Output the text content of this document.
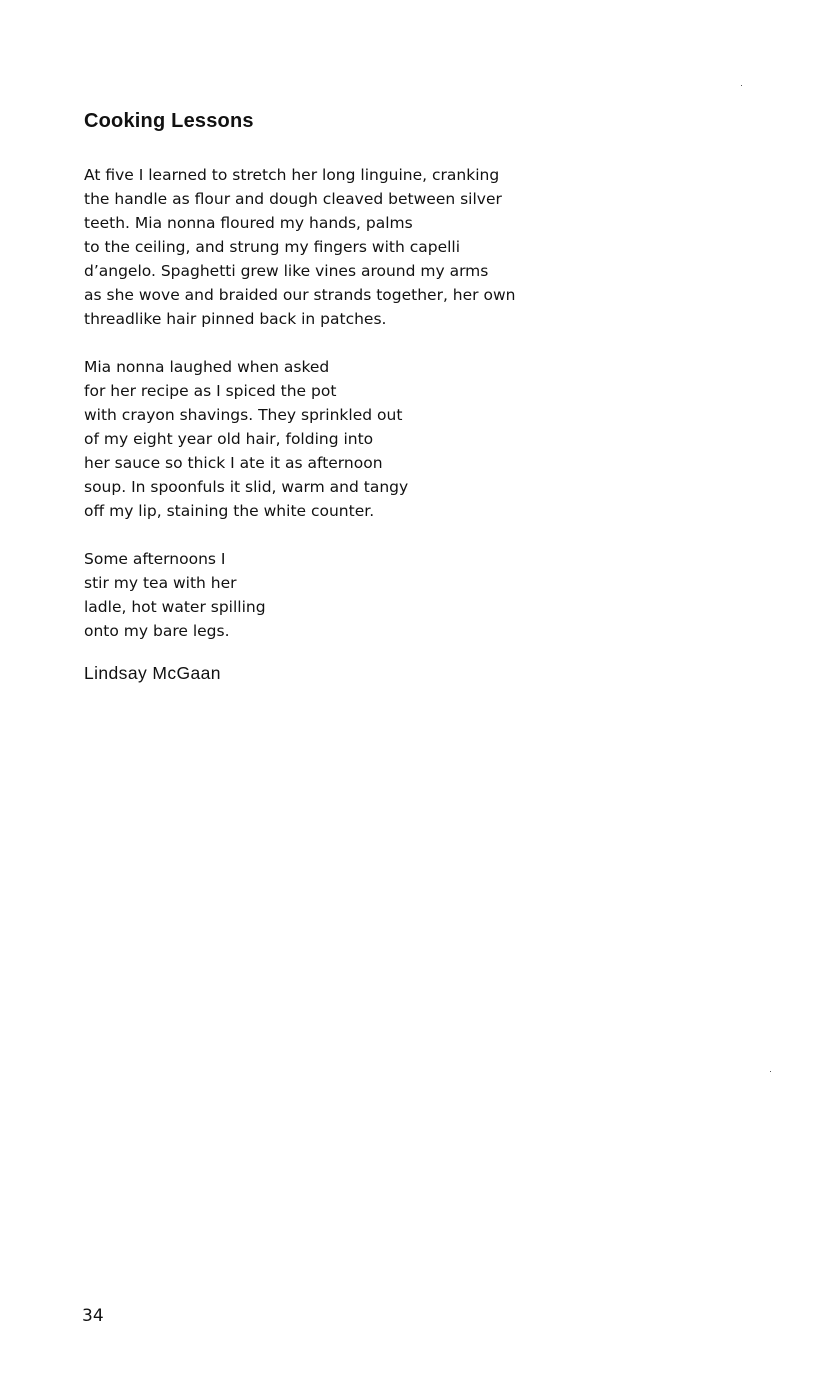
Cooking Lessons

At five I learned to stretch her long linguine, cranking
the handle as flour and dough cleaved between silver
teeth. Mia nonna floured my hands, palms
to the ceiling, and strung my fingers with capelli
d’angelo. Spaghetti grew like vines around my arms
as she wove and braided our strands together, her own
threadlike hair pinned back in patches.

Mia nonna laughed when asked
for her recipe as I spiced the pot
with crayon shavings. They sprinkled out
of my eight year old hair, folding into
her sauce so thick I ate it as afternoon
soup. In spoonfuls it slid, warm and tangy
off my lip, staining the white counter.

Some afternoons I
stir my tea with her
ladle, hot water spilling
onto my bare legs.

Lindsay McGaan

34
